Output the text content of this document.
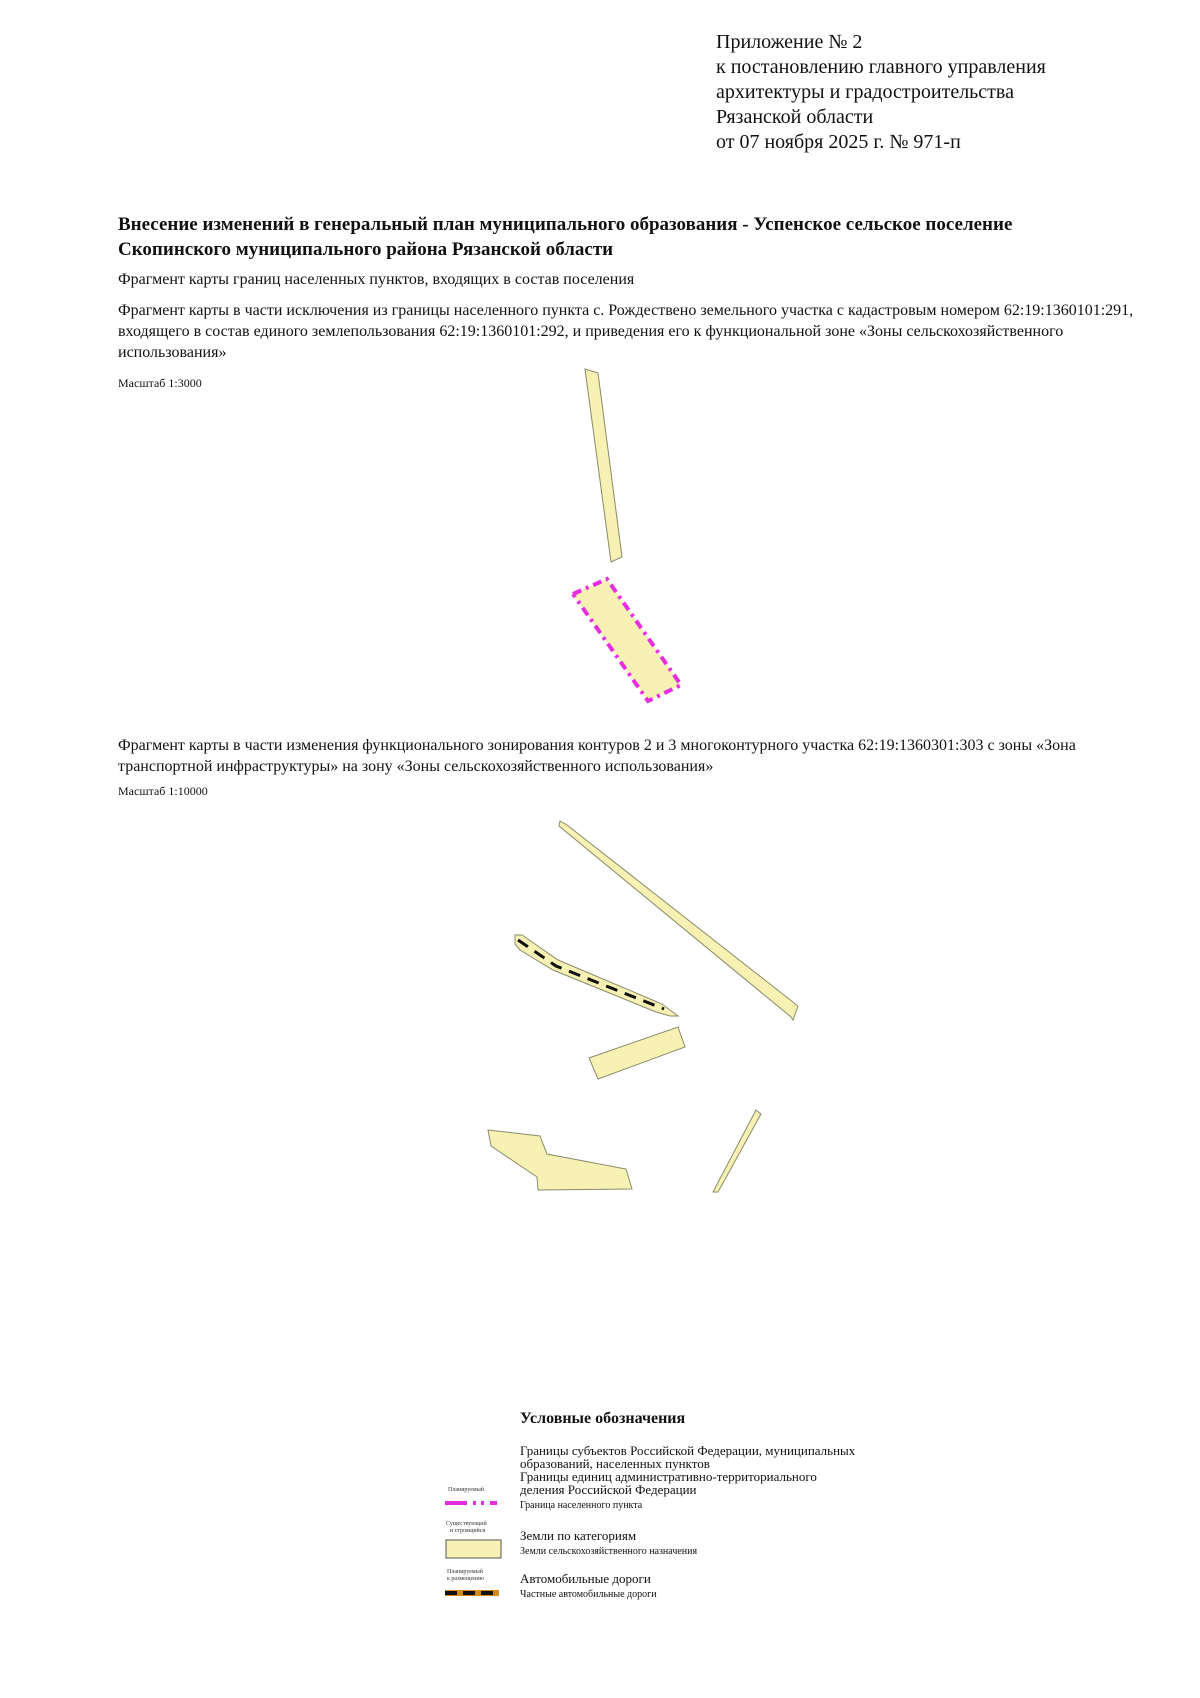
Приложение № 2
к постановлению главного управления
архитектуры и градостроительства
Рязанской области
от 07 ноября 2025 г. № 971-п
Внесение изменений в генеральный план муниципального образования - Успенское сельское поселение
Скопинского муниципального района Рязанской области
Фрагмент карты границ населенных пунктов, входящих в состав поселения
Фрагмент карты в части исключения из границы населенного пункта с. Рождествено земельного участка с кадастровым номером 62:19:1360101:291, входящего в состав единого землепользования 62:19:1360101:292, и приведения его к функциональной зоне «Зоны сельскохозяйственного использования»
Масштаб 1:3000
Фрагмент карты в части изменения функционального зонирования контуров 2 и 3 многоконтурного участка 62:19:1360301:303 с зоны «Зона транспортной инфраструктуры» на зону «Зоны сельскохозяйственного использования»
Масштаб 1:10000
Условные обозначения
Границы субъектов Российской Федерации, муниципальных
образований, населенных пунктов
Границы единиц административно-территориального
деления Российской Федерации
Планируемый
Граница населенного пункта
Существующий
и строящийся	Земли по категориям
Земли сельскохозяйственного назначения
Планируемый
к размещению	Автомобильные дороги
Частные автомобильные дороги
